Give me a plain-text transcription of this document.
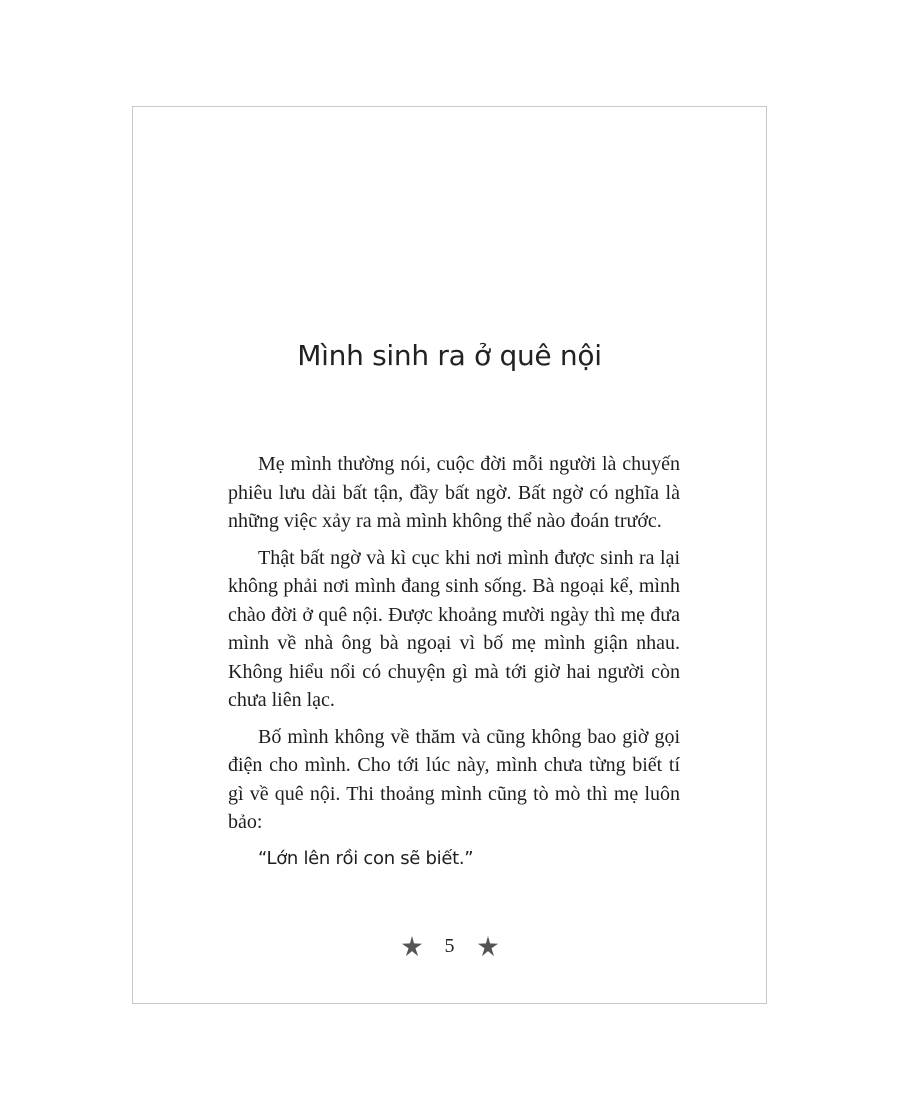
Mình sinh ra ở quê nội

Mẹ mình thường nói, cuộc đời mỗi người là chuyến phiêu lưu dài bất tận, đầy bất ngờ. Bất ngờ có nghĩa là những việc xảy ra mà mình không thể nào đoán trước.

Thật bất ngờ và kì cục khi nơi mình được sinh ra lại không phải nơi mình đang sinh sống. Bà ngoại kể, mình chào đời ở quê nội. Được khoảng mười ngày thì mẹ đưa mình về nhà ông bà ngoại vì bố mẹ mình giận nhau. Không hiểu nổi có chuyện gì mà tới giờ hai người còn chưa liên lạc.

Bố mình không về thăm và cũng không bao giờ gọi điện cho mình. Cho tới lúc này, mình chưa từng biết tí gì về quê nội. Thi thoảng mình cũng tò mò thì mẹ luôn bảo:

“Lớn lên rồi con sẽ biết.”

5
